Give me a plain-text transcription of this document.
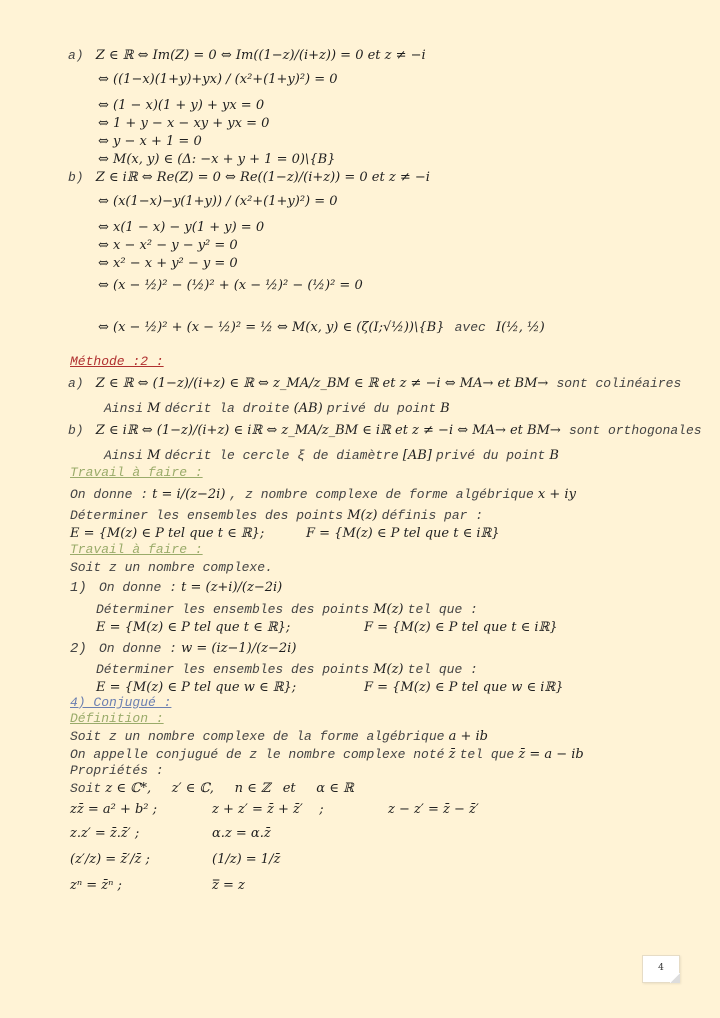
a) Z ∈ ℝ ⇔ Im(Z) = 0 ⇔ Im((1−z)/(i+z)) = 0 et z ≠ −i
⇔ ((1−x)(1+y)+yx) / (x²+(1+y)²) = 0
⇔ (1 − x)(1 + y) + yx = 0
⇔ 1 + y − x − xy + yx = 0
⇔ y − x + 1 = 0
⇔ M(x, y) ∈ (Δ: −x + y + 1 = 0)\{B}
b) Z ∈ iℝ ⇔ Re(Z) = 0 ⇔ Re((1−z)/(i+z)) = 0 et z ≠ −i
⇔ (x(1−x)−y(1+y)) / (x²+(1+y)²) = 0
⇔ x(1 − x) − y(1 + y) = 0
⇔ x − x² − y − y² = 0
⇔ x² − x + y² − y = 0
⇔ (x − ½)² − (½)² + (x − ½)² − (½)² = 0
⇔ (x − ½)² + (x − ½)² = ½ ⇔ M(x, y) ∈ (ζ(I;√½))\{B} avec I(½, ½)
Méthode :2 :
a) Z ∈ ℝ ⇔ (1−z)/(i+z) ∈ ℝ ⇔ z_MA/z_BM ∈ ℝ et z ≠ −i ⇔ MA→ et BM→ sont colinéaires
Ainsi M décrit la droite (AB) privé du point B
b) Z ∈ iℝ ⇔ (1−z)/(i+z) ∈ iℝ ⇔ z_MA/z_BM ∈ iℝ et z ≠ −i ⇔ MA→ et BM→ sont orthogonales
Ainsi M décrit le cercle ξ de diamètre [AB] privé du point B
Travail à faire :
On donne : t = i/(z−2i) , z nombre complexe de forme algébrique x + iy
Déterminer les ensembles des points M(z) définis par :
E = {M(z) ∈ P tel que t ∈ ℝ};	F = {M(z) ∈ P tel que t ∈ iℝ}
Travail à faire :
Soit z un nombre complexe.
1) On donne : t = (z+i)/(z−2i)
Déterminer les ensembles des points M(z) tel que :
E = {M(z) ∈ P tel que t ∈ ℝ};	F = {M(z) ∈ P tel que t ∈ iℝ}
2) On donne : w = (iz−1)/(z−2i)
Déterminer les ensembles des points M(z) tel que :
E = {M(z) ∈ P tel que w ∈ ℝ};	F = {M(z) ∈ P tel que w ∈ iℝ}
4) Conjugué :
Définition :
Soit z un nombre complexe de la forme algébrique a + ib
On appelle conjugué de z le nombre complexe noté z̄ tel que z̄ = a − ib
Propriétés :
Soit z ∈ ℂ*,     z′ ∈ ℂ,     n ∈ ℤ   et     α ∈ ℝ
zz̄ = a² + b² ;	z + z′ = z̄ + z̄′    ;	z − z′ = z̄ − z̄′
z.z′ = z̄.z̄′ ;	α.z = α.z̄
(z′/z) = z̄′/z̄ ;	(1/z) = 1/z̄
zⁿ = z̄ⁿ ;	z̿ = z
4
